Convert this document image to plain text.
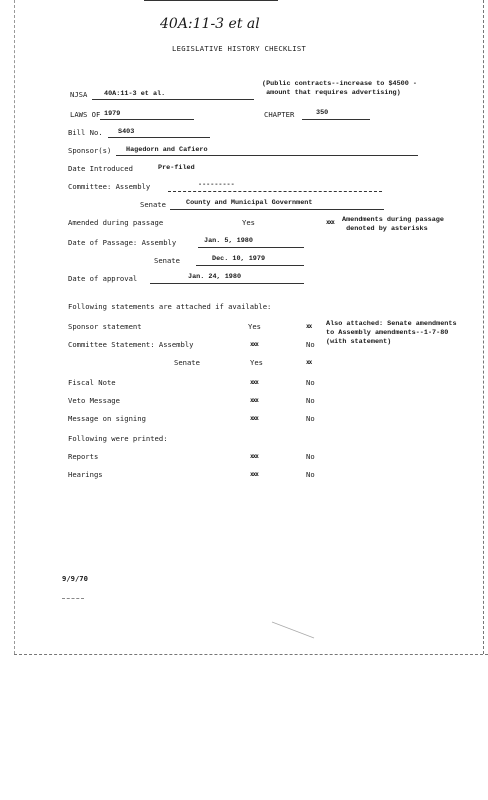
40A:11-3 et al
LEGISLATIVE HISTORY CHECKLIST
NJSA 40A:11-3 et al.
(Public contracts--increase to $4500 -
amount that requires advertising)
LAWS OF 1979	CHAPTER	350
Bill No. S403
Sponsor(s) Hagedorn and Cafiero
Date Introduced	Pre-filed
Committee: Assembly	---------
Senate	County and Municipal Government
Amended during passage	Yes	xxx Amendments during passage
denoted by asterisks
Date of Passage: Assembly	Jan. 5, 1980
Senate	Dec. 10, 1979
Date of approval	Jan. 24, 1980
Following statements are attached if available:
Sponsor statement	Yes	xx Also attached: Senate amendments
to Assembly amendments--1-7-80
(with statement)
Committee Statement: Assembly	xxx	No
Senate	Yes	xx
Fiscal Note	xxx	No
Veto Message	xxx	No
Message on signing	xxx	No
Following were printed:
Reports	xxx	No
Hearings	xxx	No
9/9/70
